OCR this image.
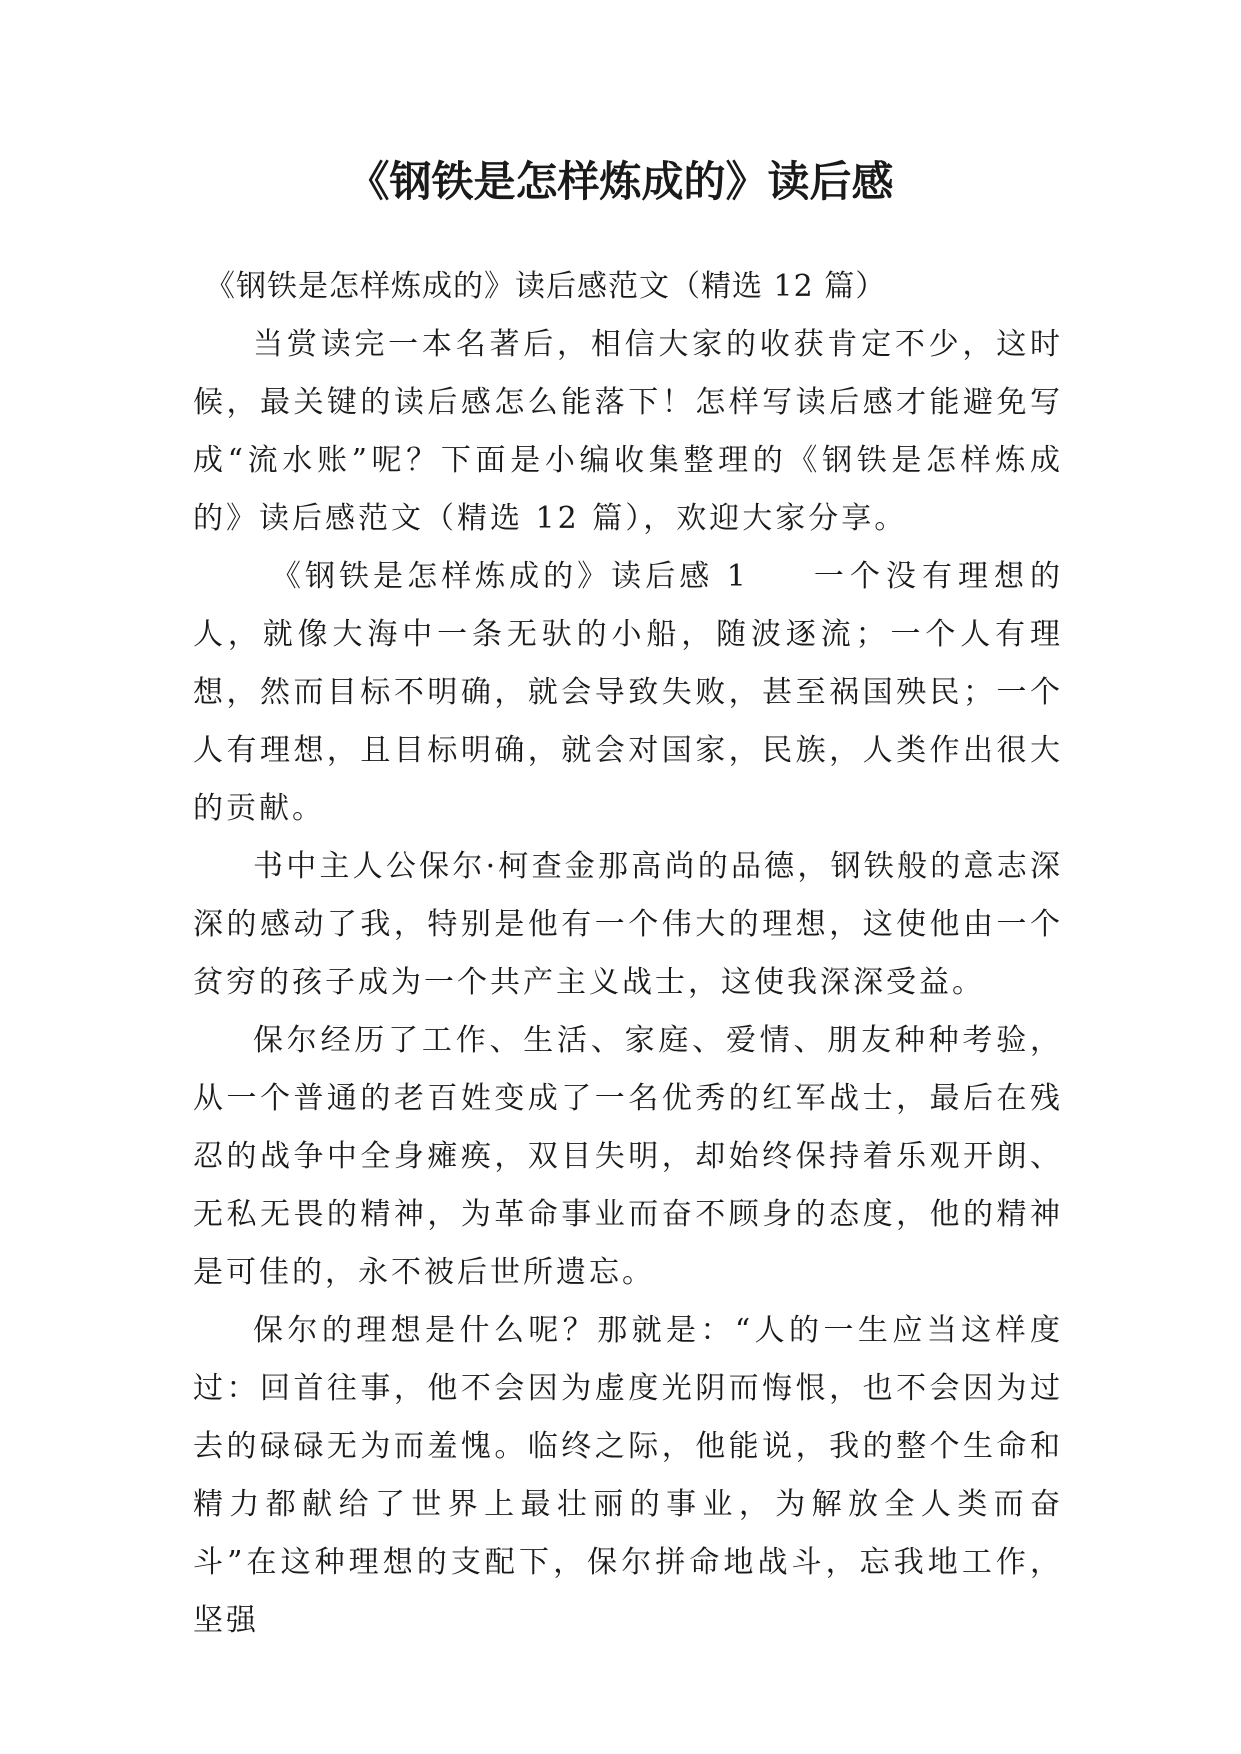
《钢铁是怎样炼成的》读后感

《钢铁是怎样炼成的》读后感范文（精选 12 篇）

当赏读完一本名著后，相信大家的收获肯定不少，这时候，最关键的读后感怎么能落下！怎样写读后感才能避免写成“流水账”呢？下面是小编收集整理的《钢铁是怎样炼成的》读后感范文（精选 12 篇），欢迎大家分享。

《钢铁是怎样炼成的》读后感 1 一个没有理想的人，就像大海中一条无驮的小船，随波逐流；一个人有理想，然而目标不明确，就会导致失败，甚至祸国殃民；一个人有理想，且目标明确，就会对国家，民族，人类作出很大的贡献。

书中主人公保尔·柯查金那高尚的品德，钢铁般的意志深深的感动了我，特别是他有一个伟大的理想，这使他由一个贫穷的孩子成为一个共产主义战士，这使我深深受益。

保尔经历了工作、生活、家庭、爱情、朋友种种考验，从一个普通的老百姓变成了一名优秀的红军战士，最后在残忍的战争中全身瘫痪，双目失明，却始终保持着乐观开朗、无私无畏的精神，为革命事业而奋不顾身的态度，他的精神是可佳的，永不被后世所遗忘。

保尔的理想是什么呢？那就是：“人的一生应当这样度过：回首往事，他不会因为虚度光阴而悔恨，也不会因为过去的碌碌无为而羞愧。临终之际，他能说，我的整个生命和精力都献给了世界上最壮丽的事业，为解放全人类而奋斗”在这种理想的支配下，保尔拼命地战斗，忘我地工作，坚强
